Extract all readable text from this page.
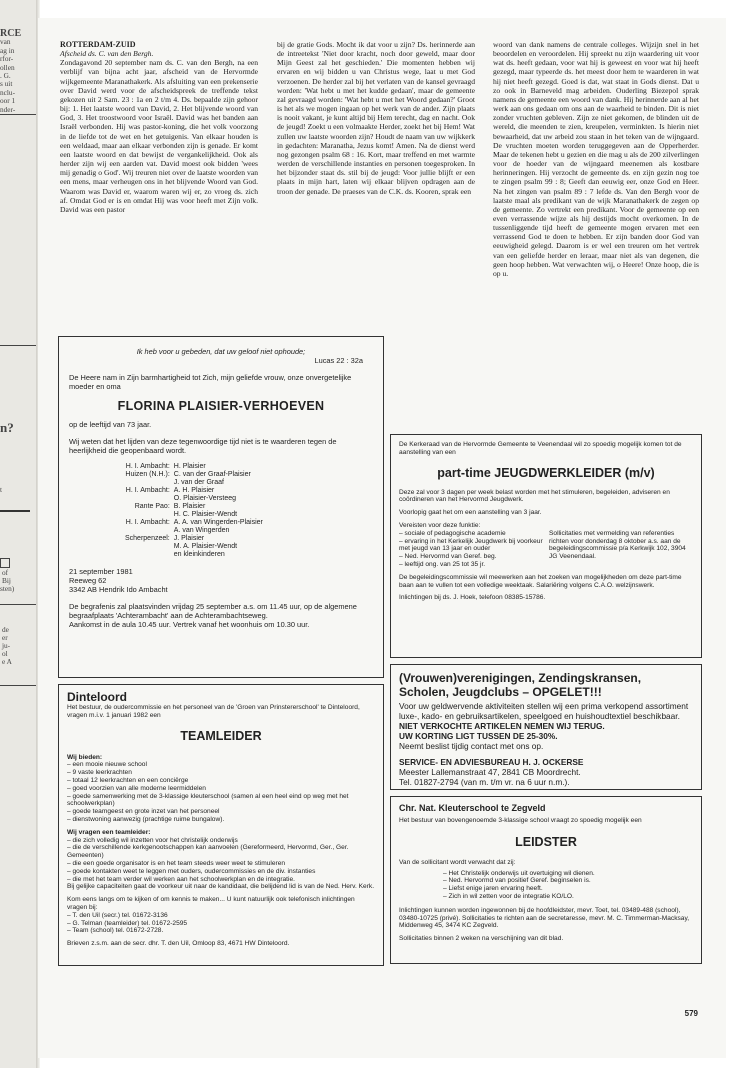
RCE
van
ag in
rfor-
ollen
. G.
s uit
nclu-
oor 1
nder-
n?
t
of
Bij
sten)
de
er
ju-
ol
e A

ROTTERDAM-ZUID

Afscheid ds. C. van den Bergh.

Zondagavond 20 september nam ds. C. van den Bergh, na een verblijf van bijna acht jaar, afscheid van de Hervormde wijkgemeente Maranathakerk. Als afsluiting van een prekenserie over David werd voor de afscheidspreek de treffende tekst gekozen uit 2 Sam. 23 : 1a en 2 t/m 4. Ds. bepaalde zijn gehoor bij: 1. Het laatste woord van David, 2. Het blijvende woord van God, 3. Het troostwoord voor Israël. David was het banden aan Israël verbonden. Hij was pastor-koning, die het volk voorzong in de liefde tot de wet en het getuigenis. Van elkaar houden is een weldaad, maar aan elkaar verbonden zijn is genade. Er komt een laatste woord en dat bewijst de vergankelijkheid. Ook als herder zijn wij een aarden vat. David moest ook bidden 'wees mij genadig o God'. Wij treuren niet over de laatste woorden van een mens, maar verheugen ons in het blijvende Woord van God. Waarom was David er, waarom waren wij er, zo vroeg ds. zich af. Omdat God er is en omdat Hij was voor heeft met Zijn volk. David was een pastor

bij de gratie Gods. Mocht ik dat voor u zijn? Ds. herinnerde aan de intreetekst 'Niet door kracht, noch door geweld, maar door Mijn Geest zal het geschieden.' Die momenten hebben wij ervaren en wij bidden u van Christus wege, laat u met God verzoenen. De herder zal bij het verlaten van de kansel gevraagd worden: 'Wat hebt u met het kudde gedaan', maar de gemeente zal gevraagd worden: 'Wat hebt u met het Woord gedaan?' Groot is het als we mogen ingaan op het werk van de ander. Zijn plaats is nooit vakant, je kunt altijd bij Hem terecht, dag en nacht. Ook de jeugd! Zoekt u een volmaakte Herder, zoekt het bij Hem! Wat zullen uw laatste woorden zijn? Houdt de naam van uw wijkkerk in gedachten: Maranatha, Jezus komt! Amen. Na de dienst werd nog gezongen psalm 68 : 16. Kort, maar treffend en met warmte werden de verschillende instanties en personen toegesproken. In het bijzonder staat ds. stil bij de jeugd: Voor jullie blijft er een plaats in mijn hart, laten wij elkaar blijven opdragen aan de troon der genade. De praeses van de C.K. ds. Kooren, sprak een

woord van dank namens de centrale colleges. Wijzijn snel in het beoordelen en veroordelen. Hij spreekt nu zijn waardering uit voor wat ds. heeft gedaan, voor wat hij is geweest en voor wat hij heeft gezegd, maar typeerde ds. het meest door hem te waarderen in wat hij niet heeft gezegd. Goed is dat, wat staat in Gods dienst. Dat u zo ook in Barneveld mag arbeiden. Ouderling Biezepol sprak namens de gemeente een woord van dank. Hij herinnerde aan al het werk aan ons gedaan om ons aan de waarheid te binden. Dit is niet zonder vruchten gebleven. Zijn ze niet gekomen, de blinden uit de wereld, die meenden te zien, kreupelen, verminkten. Is hierin niet bewaarheid, dat uw arbeid zou staan in het teken van de wijngaard. De vruchten moeten worden teruggegeven aan de Opperherder. Maar de tekenen hebt u gezien en die mag u als de 200 zilverlingen voor de hoeder van de wijngaard meenemen als kostbare herinneringen. Hij verzocht de gemeente ds. en zijn gezin nog toe te zingen psalm 99 : 8; Geeft dan eeuwig eer, onze God en Heer. Na het zingen van psalm 89 : 7 lefde ds. Van den Bergh voor de laatste maal als predikant van de wijk Maranathakerk de zegen op de gemeente. Zo vertrekt een predikant. Voor de gemeente op een even verrassende wijze als hij destijds mocht overkomen. In de tussenliggende tijd heeft de gemeente mogen ervaren met een verrassend God te doen te hebben. Er zijn banden door God van eeuwigheid gelegd. Daarom is er wel een treuren om het vertrek van een geliefde herder en leraar, maar niet als van degenen, die geen hoop hebben. Wat verwachten wij, o Heere! Onze hoop, die is op u.

Ik heb voor u gebeden, dat uw geloof niet ophoude;
Lucas 22 : 32a
De Heere nam in Zijn barmhartigheid tot Zich, mijn geliefde vrouw, onze onvergetelijke moeder en oma
FLORINA PLAISIER-VERHOEVEN
op de leeftijd van 73 jaar.
Wij weten dat het lijden van deze tegenwoordige tijd niet is te waarderen tegen de heerlijkheid die geopenbaard wordt.
H. I. Ambacht:	H. Plaisier
Huizen (N.H.):	C. van der Graaf-Plaisier
	J. van der Graaf
H. I. Ambacht:	A. H. Plaisier
	O. Plaisier-Versteeg
Rante Pao:	B. Plaisier
	H. C. Plaisier-Wendt
H. I. Ambacht:	A. A. van Wingerden-Plaisier
	A. van Wingerden
Scherpenzeel:	J. Plaisier
	M. A. Plaisier-Wendt
	en kleinkinderen
21 september 1981
Reeweg 62
3342 AB Hendrik Ido Ambacht
De begrafenis zal plaatsvinden vrijdag 25 september a.s. om 11.45 uur, op de algemene begraafplaats 'Achterambacht' aan de Achterambachtseweg.
Aankomst in de aula 10.45 uur. Vertrek vanaf het woonhuis om 10.30 uur.
Dinteloord
Het bestuur, de oudercommissie en het personeel van de 'Groen van Prinstererschool' te Dinteloord, vragen m.i.v. 1 januari 1982 een
TEAMLEIDER
Wij bieden:
– een mooie nieuwe school
– 9 vaste leerkrachten
– totaal 12 leerkrachten en een conciërge
– goed voorzien van alle moderne leermiddelen
– goede samenwerking met de 3-klassige kleuterschool (samen al een heel eind op weg met het schoolwerkplan)
– goede teamgeest en grote inzet van het personeel
– dienstwoning aanwezig (prachtige ruime bungalow).
Wij vragen een teamleider:
– die zich volledig wil inzetten voor het christelijk onderwijs
– die de verschillende kerkgenootschappen kan aanvoelen (Gereformeerd, Hervormd, Ger., Ger. Gemeenten)
– die een goede organisator is en het team steeds weer weet te stimuleren
– goede kontakten weet te leggen met ouders, oudercommissies en de div. instanties
– die met het team verder wil werken aan het schoolwerkplan en de integratie.
Bij gelijke capaciteiten gaat de voorkeur uit naar de kandidaat, die belijdend lid is van de Ned. Herv. Kerk.
Kom eens langs om te kijken of om kennis te maken... U kunt natuurlijk ook telefonisch inlichtingen vragen bij:
– T. den Uil (secr.) tel. 01672-3136
– G. Telman (teamleider) tel. 01672-2595
– Team (school) tel. 01672-2728.
Brieven z.s.m. aan de secr. dhr. T. den Uil, Omloop 83, 4671 HW Dinteloord.
De Kerkeraad van de Hervormde Gemeente te Veenendaal wil zo spoedig mogelijk komen tot de aanstelling van een
part-time JEUGDWERKLEIDER (m/v)
Deze zal voor 3 dagen per week belast worden met het stimuleren, begeleiden, adviseren en coördineren van het Hervormd Jeugdwerk.
Voorlopig gaat het om een aanstelling van 3 jaar.
Vereisten voor deze funktie:
– sociale of pedagogische academie
– ervaring in het Kerkelijk Jeugdwerk bij voorkeur met jeugd van 13 jaar en ouder
– Ned. Hervormd van Geref. beg.
– leeftijd ong. van 25 tot 35 jr.
Sollicitaties met vermelding van referenties richten voor donderdag 8 oktober a.s. aan de begeleidingscommissie p/a Kerkwijk 102, 3904 JG Veenendaal.
De begeleidingscommissie wil meewerken aan het zoeken van mogelijkheden om deze part-time baan aan te vullen tot een volledige weektaak. Salariëring volgens C.A.O. welzijnswerk.
Inlichtingen bij ds. J. Hoek, telefoon 08385-15786.
(Vrouwen)verenigingen, Zendingskransen, Scholen, Jeugdclubs – OPGELET!!!
Voor uw geldwervende aktiviteiten stellen wij een prima verkopend assortiment luxe-, kado- en gebruiksartikelen, speelgoed en huishoudtextiel beschikbaar.
NIET VERKOCHTE ARTIKELEN NEMEN WIJ TERUG.
UW KORTING LIGT TUSSEN DE 25-30%.
Neemt beslist tijdig contact met ons op.
SERVICE- EN ADVIESBUREAU H. J. OCKERSE
Meester Lallemanstraat 47, 2841 CB Moordrecht.
Tel. 01827-2794 (van m. t/m vr. na 6 uur n.m.).
Chr. Nat. Kleuterschool te Zegveld
Het bestuur van bovengenoemde 3-klassige school vraagt zo spoedig mogelijk een
LEIDSTER
Van de sollicitant wordt verwacht dat zij:
– Het Christelijk onderwijs uit overtuiging wil dienen.
– Ned. Hervormd van positief Geref. beginselen is.
– Liefst enige jaren ervaring heeft.
– Zich in wil zetten voor de integratie KO/LO.
Inlichtingen kunnen worden ingewonnen bij de hoofdleidster, mevr. Toet, tel. 03489-488 (school), 03480-10725 (privé). Sollicitaties te richten aan de secretaresse, mevr. M. C. Timmerman-Macksay, Middenweg 45, 3474 KC Zegveld.
Sollicitaties binnen 2 weken na verschijning van dit blad.
579
